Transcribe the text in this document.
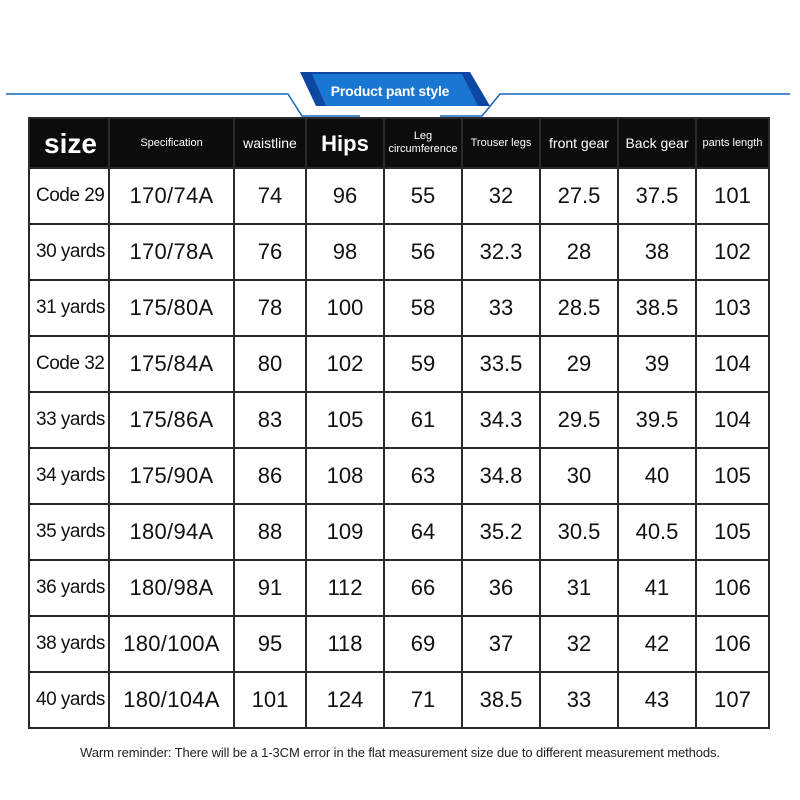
Product pant style
size	Specification	waistline	Hips	Leg circumference	Trouser legs	front gear	Back gear	pants length
Code 29	170/74A	74	96	55	32	27.5	37.5	101
30 yards	170/78A	76	98	56	32.3	28	38	102
31 yards	175/80A	78	100	58	33	28.5	38.5	103
Code 32	175/84A	80	102	59	33.5	29	39	104
33 yards	175/86A	83	105	61	34.3	29.5	39.5	104
34 yards	175/90A	86	108	63	34.8	30	40	105
35 yards	180/94A	88	109	64	35.2	30.5	40.5	105
36 yards	180/98A	91	112	66	36	31	41	106
38 yards	180/100A	95	118	69	37	32	42	106
40 yards	180/104A	101	124	71	38.5	33	43	107
Warm reminder: There will be a 1-3CM error in the flat measurement size due to different measurement methods.
